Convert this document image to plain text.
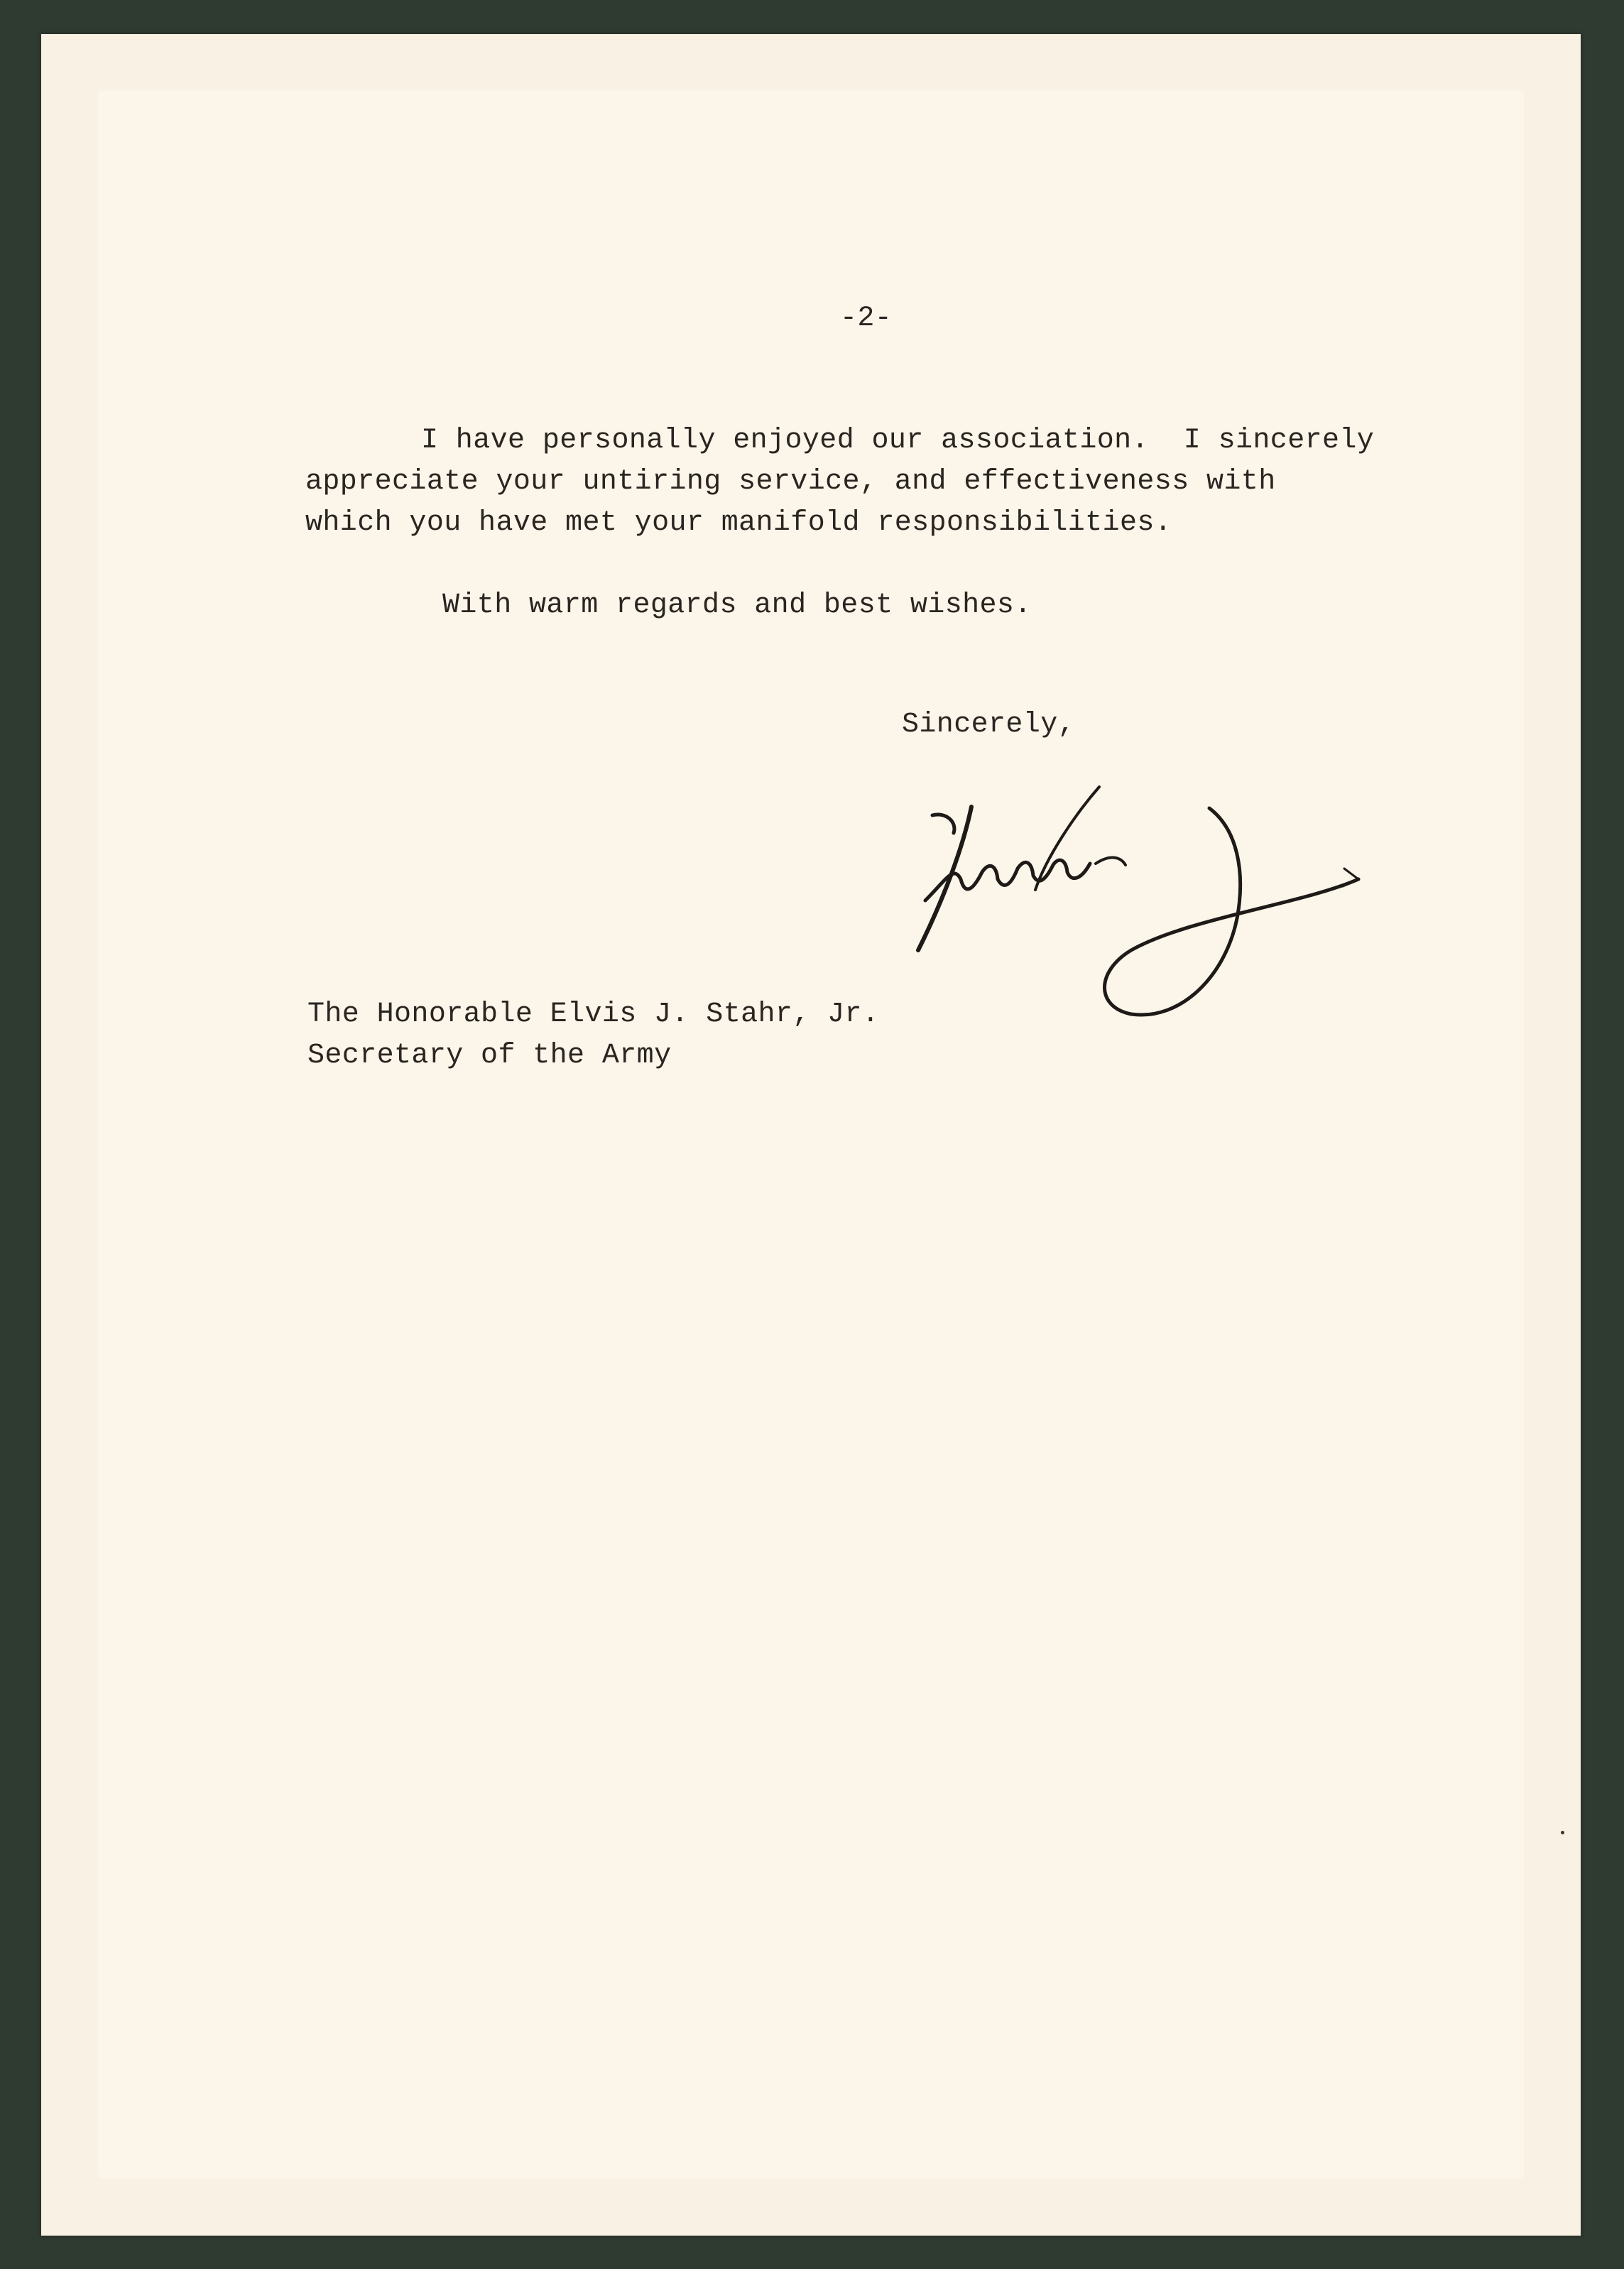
-2-

I have personally enjoyed our association.  I sincerely

appreciate your untiring service, and effectiveness with

which you have met your manifold responsibilities.

With warm regards and best wishes.

Sincerely,

The Honorable Elvis J. Stahr, Jr.

Secretary of the Army
